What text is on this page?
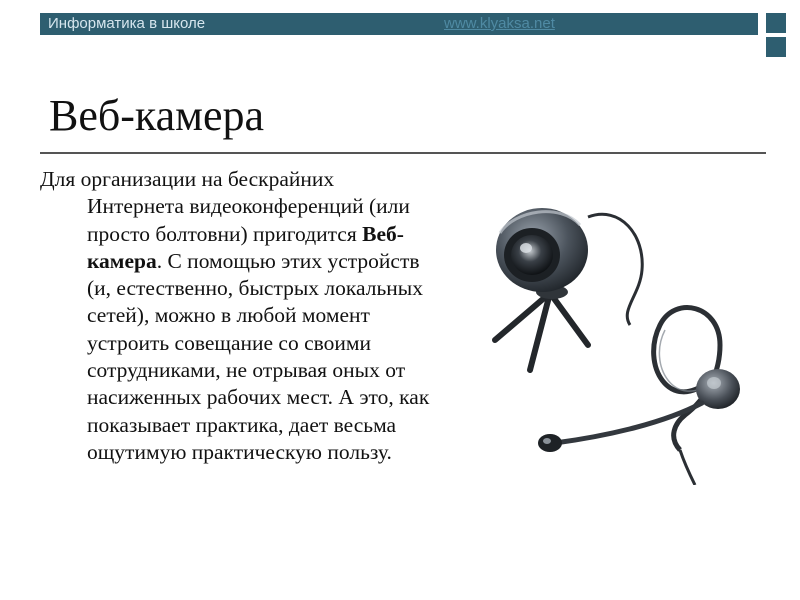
Информатика в школе	www.klyaksa.net
Веб-камера

Для организации на бескрайних
Интернета видеоконференций (или просто болтовни) пригодится Веб-камера. С помощью этих устройств (и, естественно, быстрых локальных сетей), можно в любой момент устроить совещание со своими сотрудниками, не отрывая оных от насиженных рабочих мест. А это, как показывает практика, дает весьма ощутимую практическую пользу.
